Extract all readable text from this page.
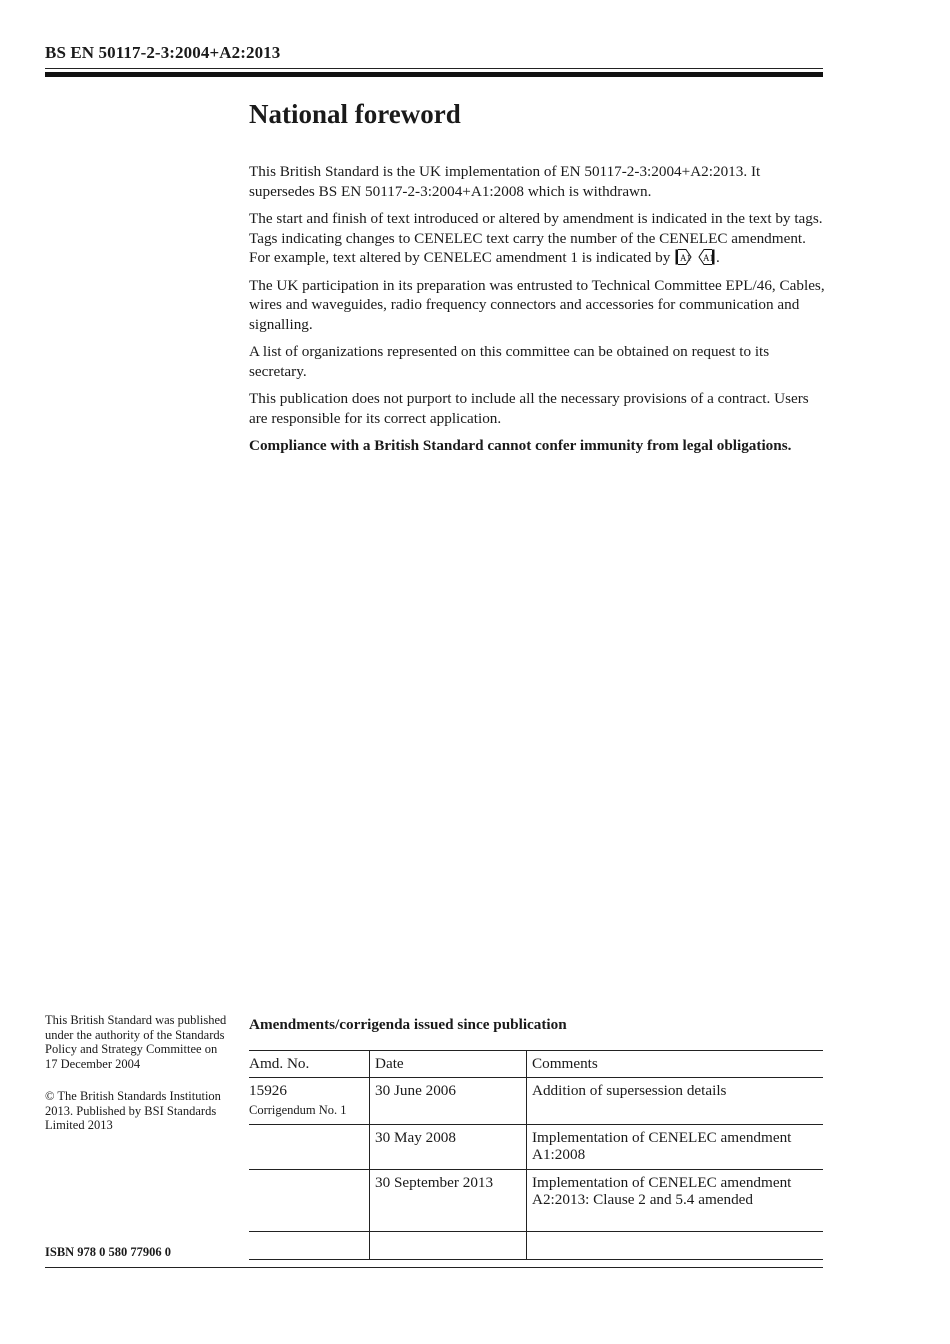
BS EN 50117-2-3:2004+A2:2013
National foreword

This British Standard is the UK implementation of EN 50117-2-3:2004+A2:2013. It supersedes BS EN 50117-2-3:2004+A1:2008 which is withdrawn.

The start and finish of text introduced or altered by amendment is indicated in the text by tags. Tags indicating changes to CENELEC text carry the number of the CENELEC amendment. For example, text altered by CENELEC amendment 1 is indicated by A1
A1 .

The UK participation in its preparation was entrusted to Technical Committee EPL/46, Cables, wires and waveguides, radio frequency connectors and accessories for communication and signalling.

A list of organizations represented on this committee can be obtained on request to its secretary.

This publication does not purport to include all the necessary provisions of a contract. Users are responsible for its correct application.

Compliance with a British Standard cannot confer immunity from legal obligations.

This British Standard was published under the authority of the Standards Policy and Strategy Committee on 17 December 2004

© The British Standards Institution 2013. Published by BSI Standards Limited 2013

ISBN 978 0 580 77906 0
Amendments/corrigenda issued since publication
Amd. No.	Date	Comments
15926
Corrigendum No. 1	30 June 2006	Addition of supersession details
	30 May 2008	Implementation of CENELEC amendment A1:2008
	30 September 2013	Implementation of CENELEC amendment A2:2013: Clause 2 and 5.4 amended
